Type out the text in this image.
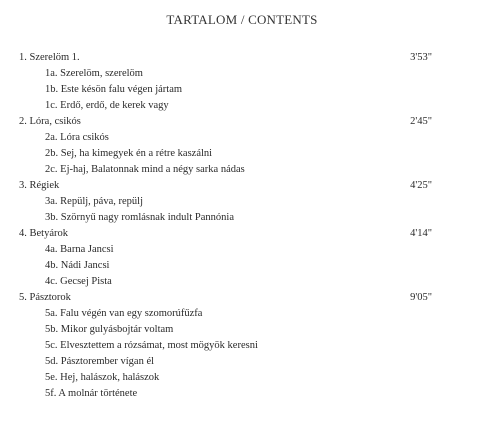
TARTALOM / CONTENTS
1. Szerelöm 1.	3'53"
1a. Szerelöm, szerelöm
1b. Este késön falu végen jártam
1c. Erdő, erdő, de kerek vagy
2. Lóra, csikós	2'45"
2a. Lóra csikós
2b. Sej, ha kimegyek én a rétre kaszálni
2c. Ej-haj, Balatonnak mind a négy sarka nádas
3. Régiek	4'25"
3a. Repülj, páva, repülj
3b. Szörnyű nagy romlásnak indult Pannónia
4. Betyárok	4'14"
4a. Barna Jancsi
4b. Nádi Jancsi
4c. Gecsej Pista
5. Pásztorok	9'05"
5a. Falu végén van egy szomorúfűzfa
5b. Mikor gulyásbojtár voltam
5c. Elvesztettem a rózsámat, most mögyök keresni
5d. Pásztorember vígan él
5e. Hej, halászok, halászok
5f. A molnár története
